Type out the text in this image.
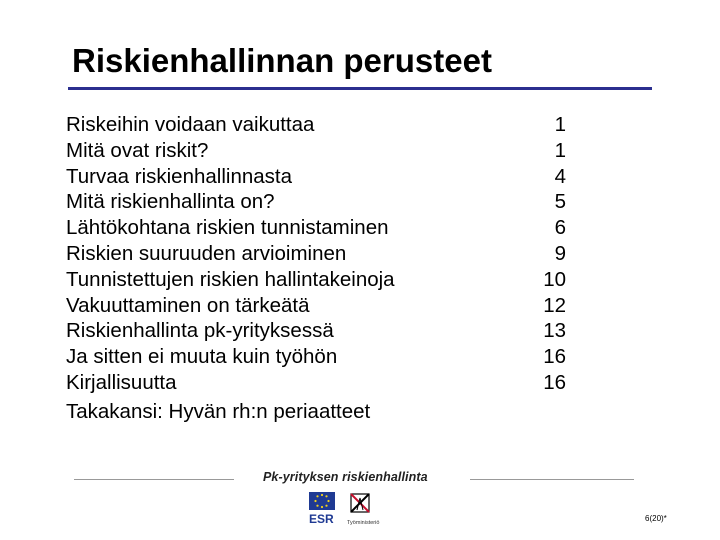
Riskienhallinnan perusteet
Riskeihin voidaan vaikuttaa	1
Mitä ovat riskit?	1
Turvaa riskienhallinnasta	4
Mitä riskienhallinta on?	5
Lähtökohtana riskien tunnistaminen	6
Riskien suuruuden arvioiminen	9
Tunnistettujen riskien hallintakeinoja	10
Vakuuttaminen on tärkeätä	12
Riskienhallinta pk-yrityksessä	13
Ja sitten ei muuta kuin työhön	16
Kirjallisuutta	16
Takakansi: Hyvän rh:n periaatteet
Pk-yrityksen riskienhallinta
ESR Työministeriö	6(20)*
